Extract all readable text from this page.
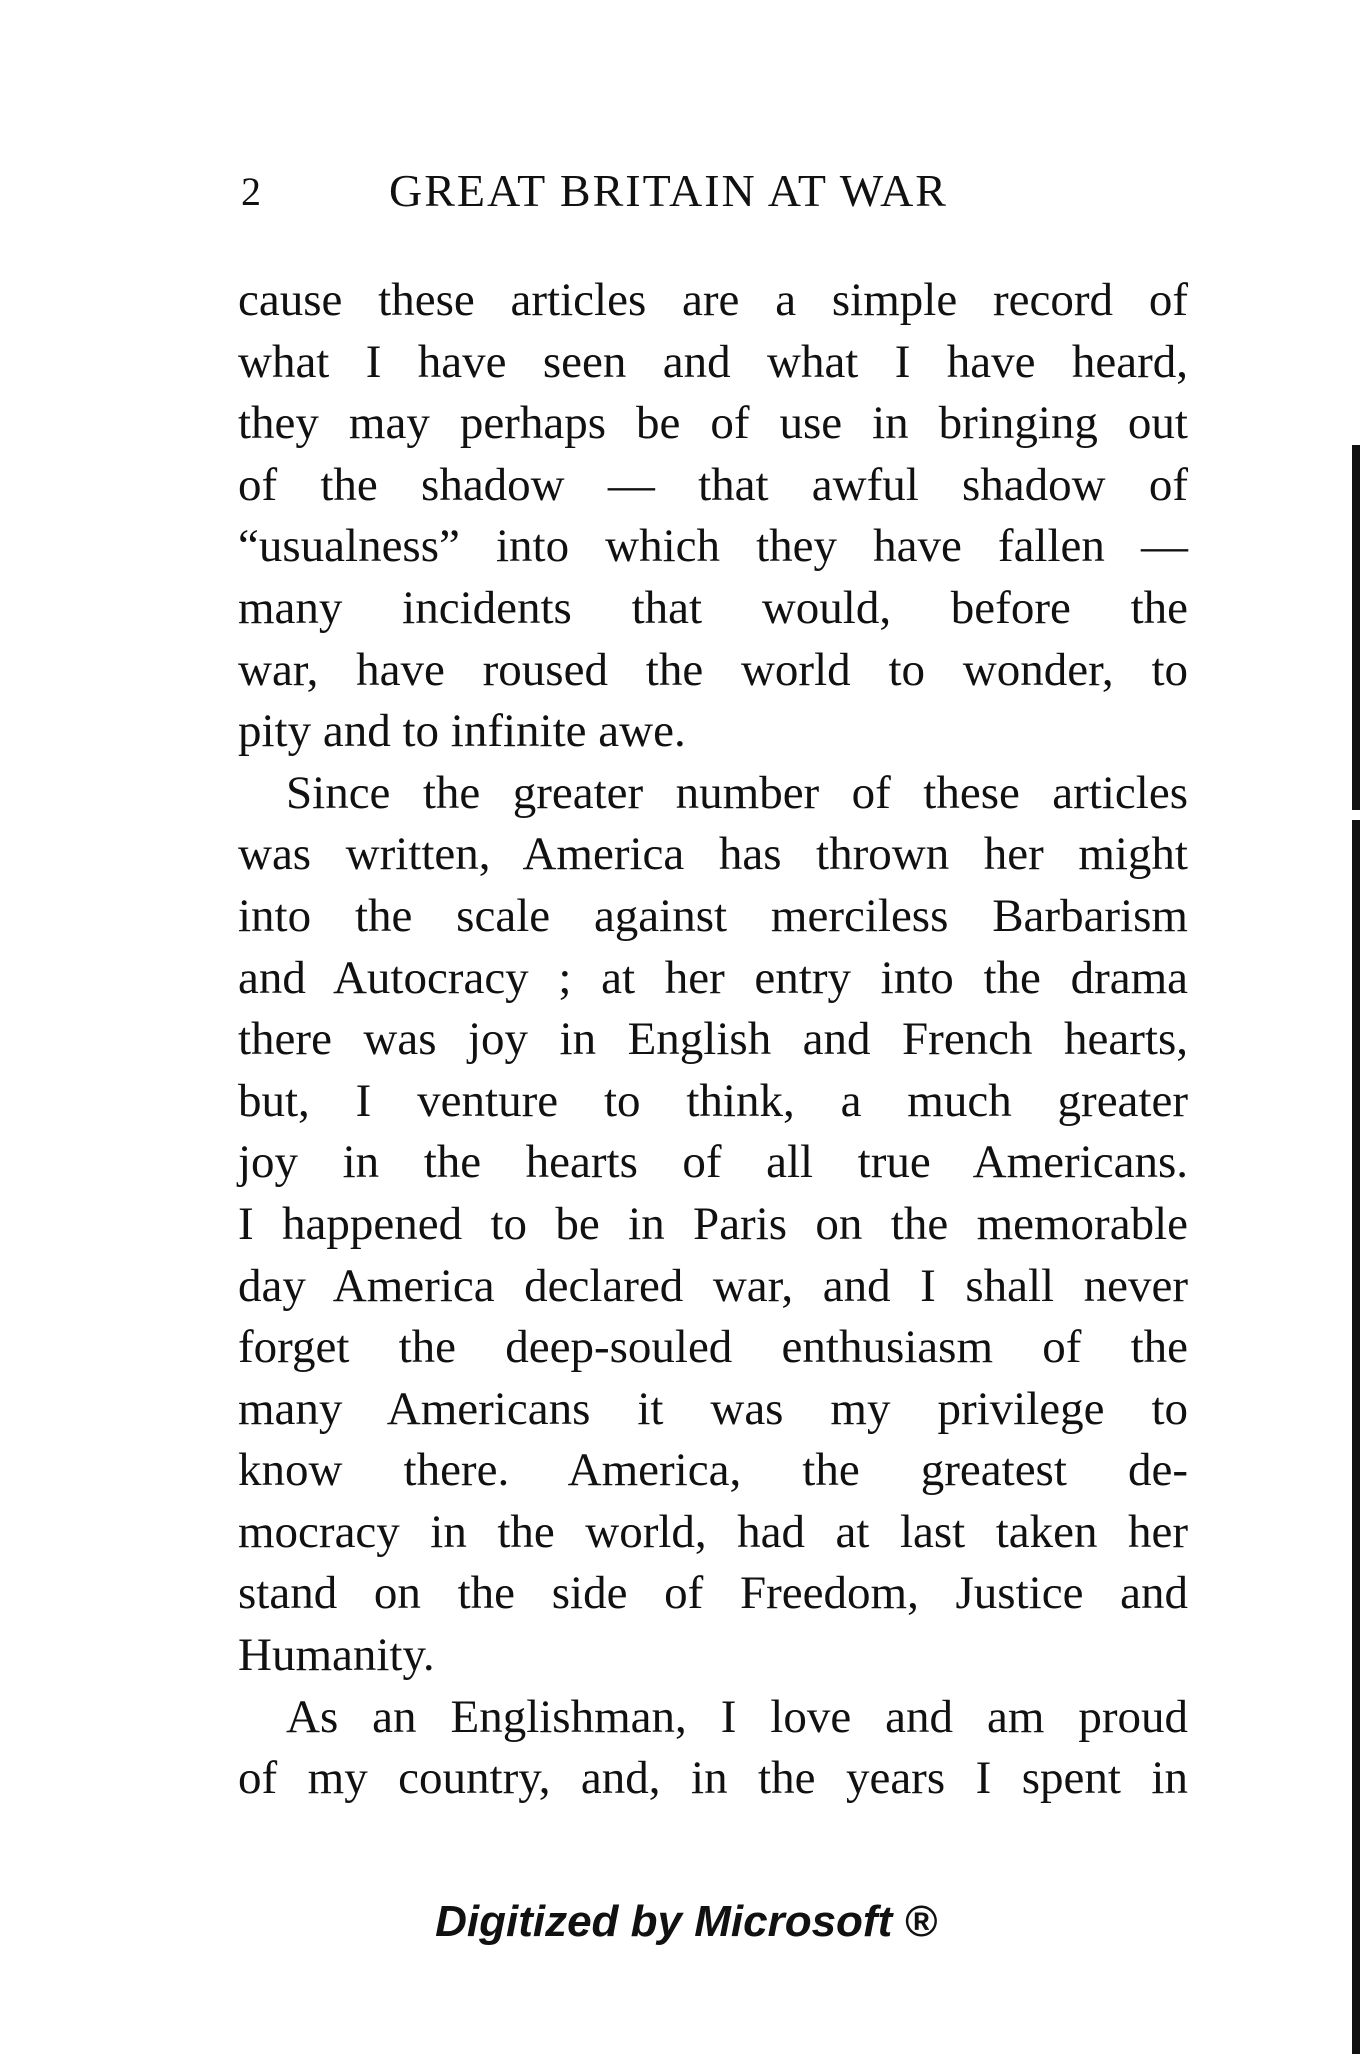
2	GREAT BRITAIN AT WAR
cause these articles are a simple record of
what I have seen and what I have heard,
they may perhaps be of use in bringing out
of the shadow — that awful shadow of
“usualness” into which they have fallen —
many incidents that would, before the
war, have roused the world to wonder, to
pity and to infinite awe.
Since the greater number of these articles
was written, America has thrown her might
into the scale against merciless Barbarism
and Autocracy ; at her entry into the drama
there was joy in English and French hearts,
but, I venture to think, a much greater
joy in the hearts of all true Americans.
I happened to be in Paris on the memorable
day America declared war, and I shall never
forget the deep-souled enthusiasm of the
many Americans it was my privilege to
know there. America, the greatest de-
mocracy in the world, had at last taken her
stand on the side of Freedom, Justice and
Humanity.
As an Englishman, I love and am proud
of my country, and, in the years I spent in
Digitized by Microsoft ®
